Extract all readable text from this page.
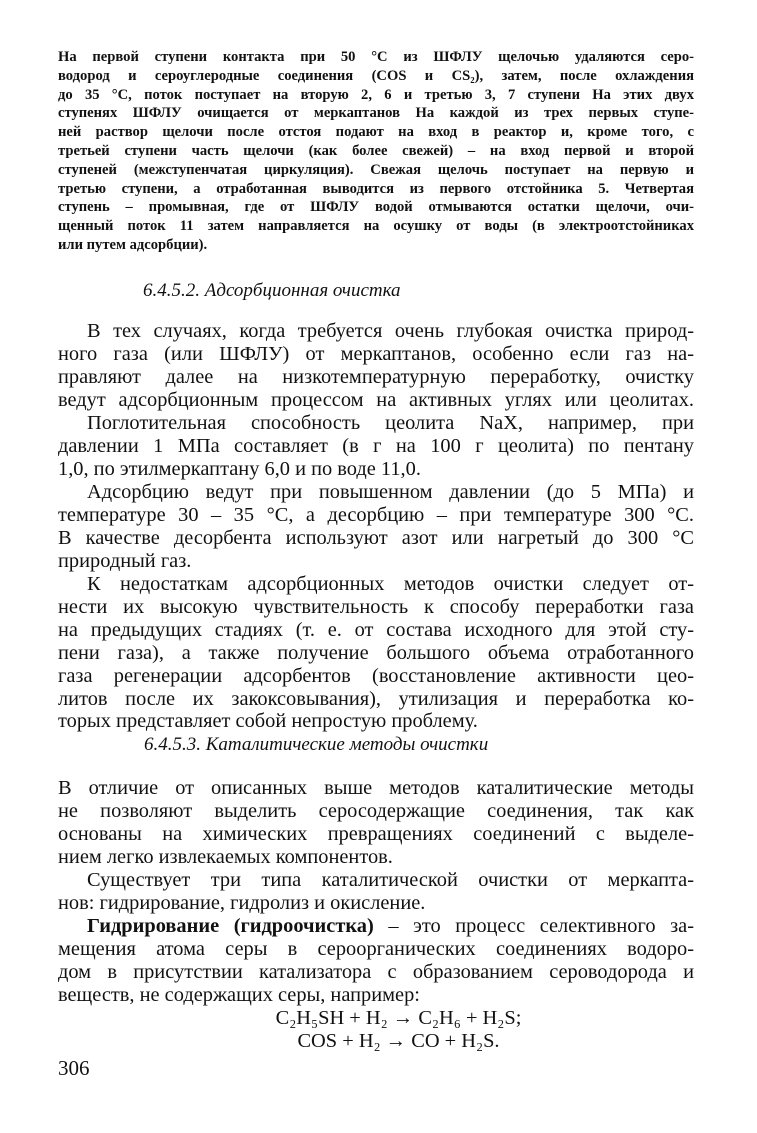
На первой ступени контакта при 50 °С из ШФЛУ щелочью удаляются серо-
водород и сероуглеродные соединения (COS и CS₂), затем, после охлаждения
до 35 °С, поток поступает на вторую 2, 6 и третью 3, 7 ступени На этих двух
ступенях ШФЛУ очищается от меркаптанов На каждой из трех первых ступе-
ней раствор щелочи после отстоя подают на вход в реактор и, кроме того, с
третьей ступени часть щелочи (как более свежей) – на вход первой и второй
ступеней (межступенчатая циркуляция). Свежая щелочь поступает на первую и
третью ступени, а отработанная выводится из первого отстойника 5. Четвертая
ступень – промывная, где от ШФЛУ водой отмываются остатки щелочи, очи-
щенный поток 11 затем направляется на осушку от воды (в электроотстойниках
или путем адсорбции).
6.4.5.2. Адсорбционная очистка
В тех случаях, когда требуется очень глубокая очистка природ-
ного газа (или ШФЛУ) от меркаптанов, особенно если газ на-
правляют далее на низкотемпературную переработку, очистку
ведут адсорбционным процессом на активных углях или цеолитах.
Поглотительная способность цеолита NaX, например, при
давлении 1 МПа составляет (в г на 100 г цеолита) по пентану
1,0, по этилмеркаптану 6,0 и по воде 11,0.
Адсорбцию ведут при повышенном давлении (до 5 МПа) и
температуре 30 – 35 °С, а десорбцию – при температуре 300 °С.
В качестве десорбента используют азот или нагретый до 300 °С
природный газ.
К недостаткам адсорбционных методов очистки следует от-
нести их высокую чувствительность к способу переработки газа
на предыдущих стадиях (т. е. от состава исходного для этой сту-
пени газа), а также получение большого объема отработанного
газа регенерации адсорбентов (восстановление активности цео-
литов после их закоксовывания), утилизация и переработка ко-
торых представляет собой непростую проблему.
6.4.5.3. Каталитические методы очистки
В отличие от описанных выше методов каталитические методы
не позволяют выделить серосодержащие соединения, так как
основаны на химических превращениях соединений с выделе-
нием легко извлекаемых компонентов.
Существует три типа каталитической очистки от меркапта-
нов: гидрирование, гидролиз и окисление.
Гидрирование (гидроочистка) – это процесс селективного за-
мещения атома серы в сероорганических соединениях водоро-
дом в присутствии катализатора с образованием сероводорода и
веществ, не содержащих серы, например:

C₂H₅SH + H₂ → C₂H₆ + H₂S;

COS + H₂ → CO + H₂S.

306
